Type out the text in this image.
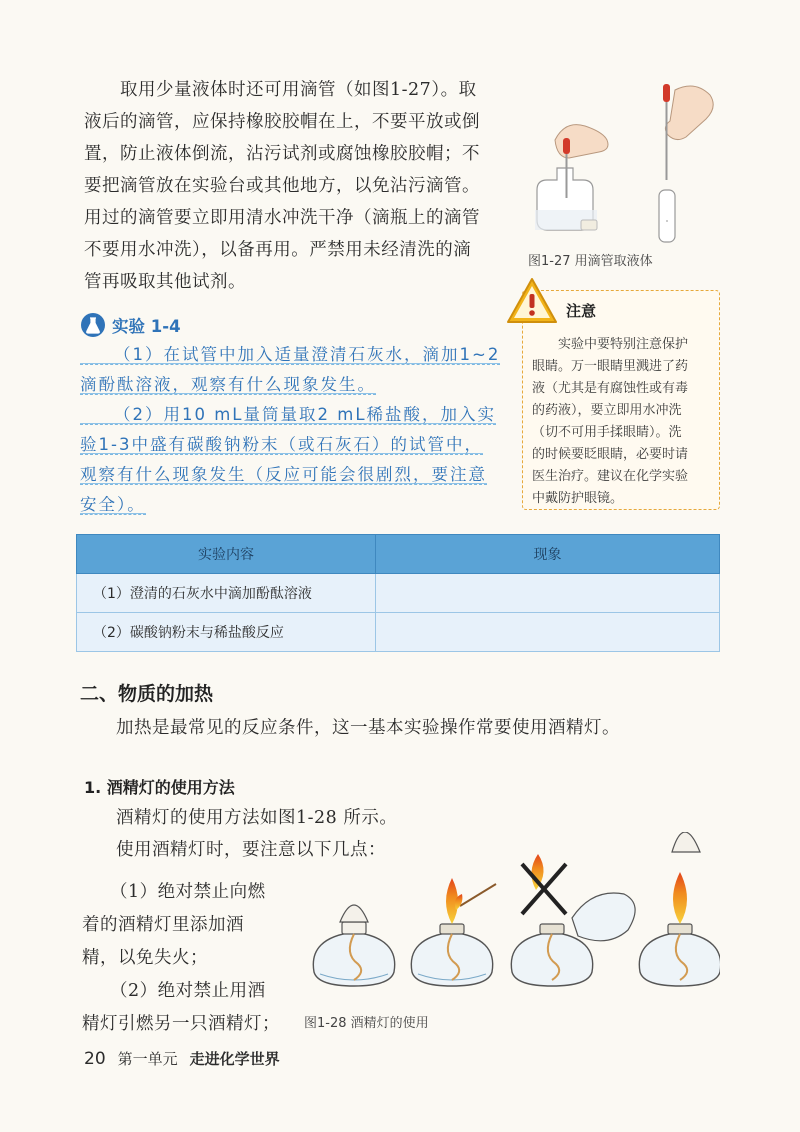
取用少量液体时还可用滴管（如图1-27）。取
液后的滴管，应保持橡胶胶帽在上，不要平放或倒
置，防止液体倒流，沾污试剂或腐蚀橡胶胶帽；不
要把滴管放在实验台或其他地方，以免沾污滴管。
用过的滴管要立即用清水冲洗干净（滴瓶上的滴管
不要用水冲洗），以备再用。严禁用未经清洗的滴
管再吸取其他试剂。
图1-27 用滴管取液体
实验 1-4

（1）在试管中加入适量澄清石灰水，滴加1~2

滴酚酞溶液，观察有什么现象发生。

（2）用10 mL量筒量取2 mL稀盐酸，加入实

验1-3中盛有碳酸钠粉末（或石灰石）的试管中，

观察有什么现象发生（反应可能会很剧烈，要注意

安全）。

注意
实验中要特别注意保护
眼睛。万一眼睛里溅进了药
液（尤其是有腐蚀性或有毒
的药液），要立即用水冲洗
（切不可用手揉眼睛）。洗
的时候要眨眼睛，必要时请
医生治疗。建议在化学实验
中戴防护眼镜。
实验内容	现象
（1）澄清的石灰水中滴加酚酞溶液	
（2）碳酸钠粉末与稀盐酸反应	
二、物质的加热
加热是最常见的反应条件，这一基本实验操作常要使用酒精灯。
1. 酒精灯的使用方法
酒精灯的使用方法如图1-28 所示。
使用酒精灯时，要注意以下几点：
（1）绝对禁止向燃
着的酒精灯里添加酒
精，以免失火；
（2）绝对禁止用酒
精灯引燃另一只酒精灯；	图1-28 酒精灯的使用
20 第一单元 走进化学世界
